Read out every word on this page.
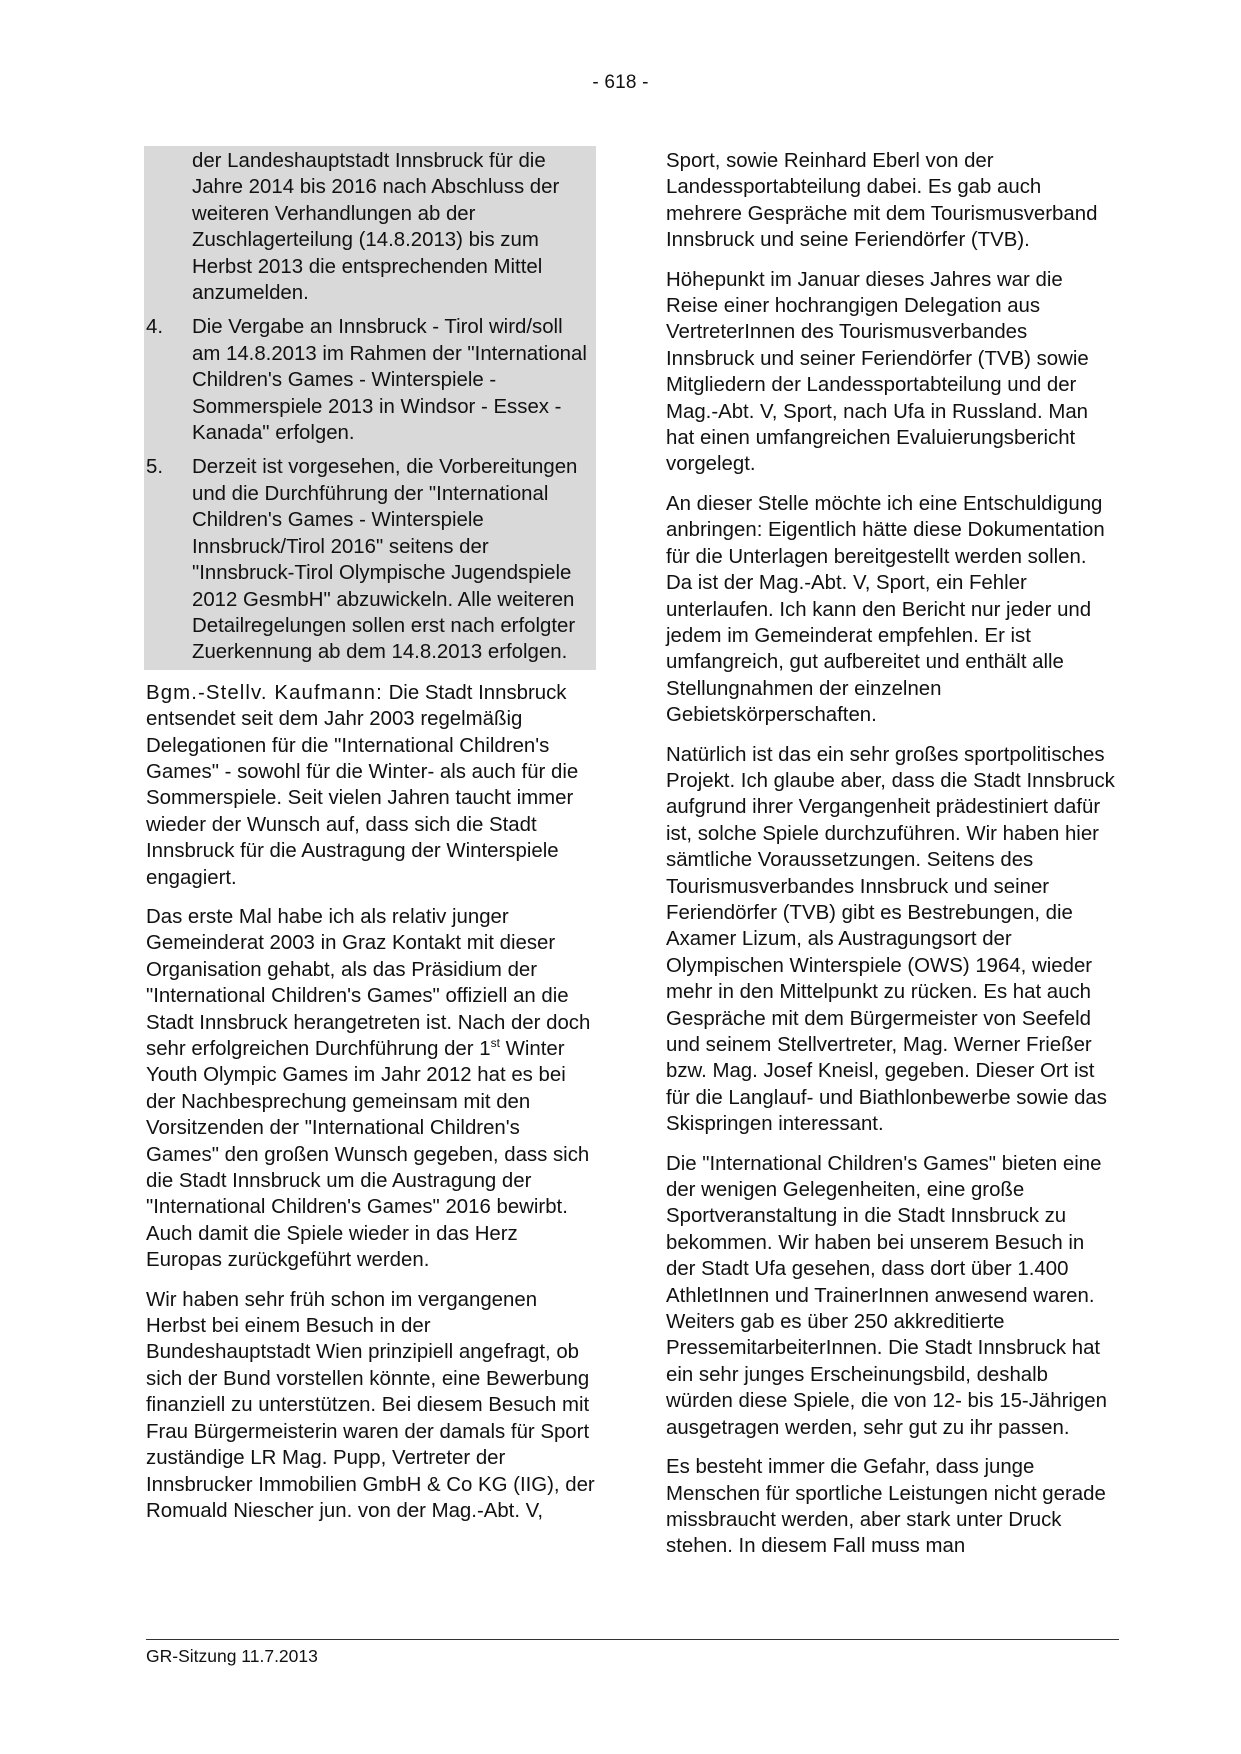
- 618 -
der Landeshauptstadt Innsbruck für die Jahre 2014 bis 2016 nach Abschluss der weiteren Verhandlungen ab der Zuschlagerteilung (14.8.2013) bis zum Herbst 2013 die entsprechenden Mittel anzumelden.
4.	Die Vergabe an Innsbruck - Tirol wird/soll am 14.8.2013 im Rahmen der "International Children's Games - Winterspiele - Sommerspiele 2013 in Windsor - Essex - Kanada" erfolgen.
5.	Derzeit ist vorgesehen, die Vorbereitungen und die Durchführung der "International Children's Games - Winterspiele Innsbruck/Tirol 2016" seitens der "Innsbruck-Tirol Olympische Jugendspiele 2012 GesmbH" abzuwickeln. Alle weiteren Detailregelungen sollen erst nach erfolgter Zuerkennung ab dem 14.8.2013 erfolgen.

Bgm.-Stellv. Kaufmann: Die Stadt Innsbruck entsendet seit dem Jahr 2003 regelmäßig Delegationen für die "International Children's Games" - sowohl für die Winter- als auch für die Sommerspiele. Seit vielen Jahren taucht immer wieder der Wunsch auf, dass sich die Stadt Innsbruck für die Austragung der Winterspiele engagiert.

Das erste Mal habe ich als relativ junger Gemeinderat 2003 in Graz Kontakt mit dieser Organisation gehabt, als das Präsidium der "International Children's Games" offiziell an die Stadt Innsbruck herangetreten ist. Nach der doch sehr erfolgreichen Durchführung der 1st Winter Youth Olympic Games im Jahr 2012 hat es bei der Nachbesprechung gemeinsam mit den Vorsitzenden der "International Children's Games" den großen Wunsch gegeben, dass sich die Stadt Innsbruck um die Austragung der "International Children's Games" 2016 bewirbt. Auch damit die Spiele wieder in das Herz Europas zurückgeführt werden.

Wir haben sehr früh schon im vergangenen Herbst bei einem Besuch in der Bundeshauptstadt Wien prinzipiell angefragt, ob sich der Bund vorstellen könnte, eine Bewerbung finanziell zu unterstützen. Bei diesem Besuch mit Frau Bürgermeisterin waren der damals für Sport zuständige LR Mag. Pupp, Vertreter der Innsbrucker Immobilien GmbH & Co KG (IIG), der Romuald Niescher jun. von der Mag.-Abt. V,

Sport, sowie Reinhard Eberl von der Landessportabteilung dabei. Es gab auch mehrere Gespräche mit dem Tourismusverband Innsbruck und seine Feriendörfer (TVB).

Höhepunkt im Januar dieses Jahres war die Reise einer hochrangigen Delegation aus VertreterInnen des Tourismusverbandes Innsbruck und seiner Feriendörfer (TVB) sowie Mitgliedern der Landessportabteilung und der Mag.-Abt. V, Sport, nach Ufa in Russland. Man hat einen umfangreichen Evaluierungsbericht vorgelegt.

An dieser Stelle möchte ich eine Entschuldigung anbringen: Eigentlich hätte diese Dokumentation für die Unterlagen bereitgestellt werden sollen. Da ist der Mag.-Abt. V, Sport, ein Fehler unterlaufen. Ich kann den Bericht nur jeder und jedem im Gemeinderat empfehlen. Er ist umfangreich, gut aufbereitet und enthält alle Stellungnahmen der einzelnen Gebietskörperschaften.

Natürlich ist das ein sehr großes sportpolitisches Projekt. Ich glaube aber, dass die Stadt Innsbruck aufgrund ihrer Vergangenheit prädestiniert dafür ist, solche Spiele durchzuführen. Wir haben hier sämtliche Voraussetzungen. Seitens des Tourismusverbandes Innsbruck und seiner Feriendörfer (TVB) gibt es Bestrebungen, die Axamer Lizum, als Austragungsort der Olympischen Winterspiele (OWS) 1964, wieder mehr in den Mittelpunkt zu rücken. Es hat auch Gespräche mit dem Bürgermeister von Seefeld und seinem Stellvertreter, Mag. Werner Frießer bzw. Mag. Josef Kneisl, gegeben. Dieser Ort ist für die Langlauf- und Biathlonbewerbe sowie das Skispringen interessant.

Die "International Children's Games" bieten eine der wenigen Gelegenheiten, eine große Sportveranstaltung in die Stadt Innsbruck zu bekommen. Wir haben bei unserem Besuch in der Stadt Ufa gesehen, dass dort über 1.400 AthletInnen und TrainerInnen anwesend waren. Weiters gab es über 250 akkreditierte PressemitarbeiterInnen. Die Stadt Innsbruck hat ein sehr junges Erscheinungsbild, deshalb würden diese Spiele, die von 12- bis 15-Jährigen ausgetragen werden, sehr gut zu ihr passen.

Es besteht immer die Gefahr, dass junge Menschen für sportliche Leistungen nicht gerade missbraucht werden, aber stark unter Druck stehen. In diesem Fall muss man

GR-Sitzung 11.7.2013
